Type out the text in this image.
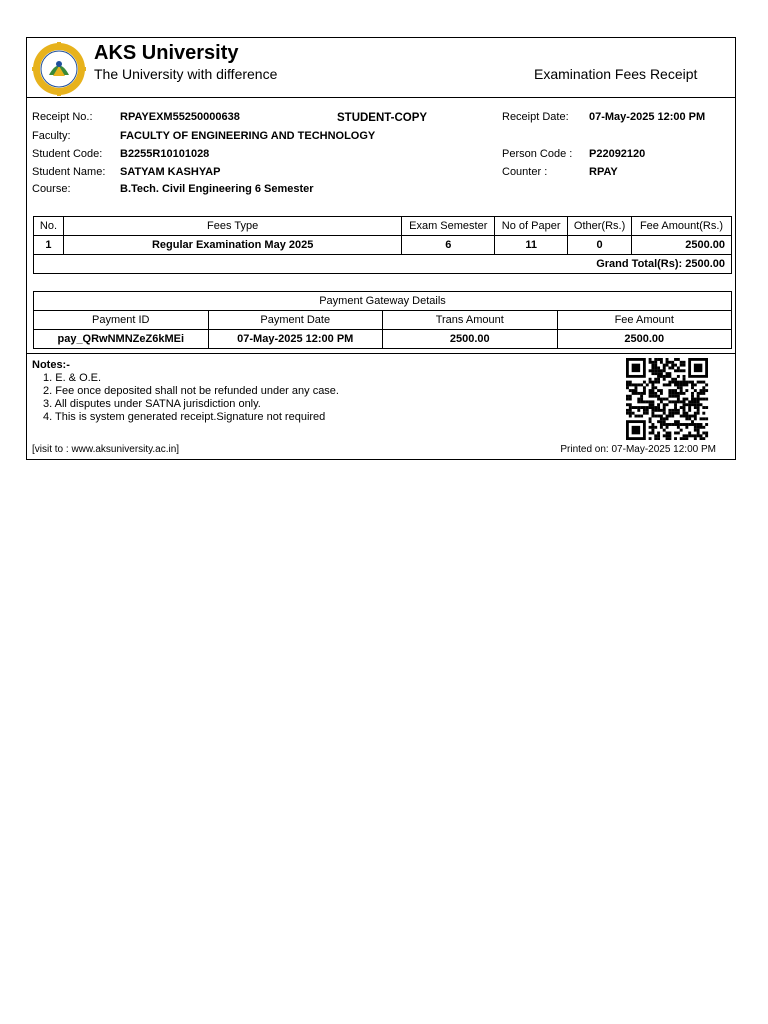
AKS University
The University with difference	Examination Fees Receipt
Receipt No.: RPAYEXM55250000638	STUDENT-COPY	Receipt Date: 07-May-2025 12:00 PM
Faculty:	FACULTY OF ENGINEERING AND TECHNOLOGY
Student Code: B2255R10101028	Person Code : P22092120
Student Name: SATYAM KASHYAP	Counter :	RPAY
Course:	B.Tech. Civil Engineering 6 Semester
No.	Fees Type	Exam Semester	No of Paper	Other(Rs.)	Fee Amount(Rs.)
1	Regular Examination May 2025	6	11	0	2500.00
Grand Total(Rs): 2500.00					
Payment Gateway Details			
Payment ID	Payment Date	Trans Amount	Fee Amount
pay_QRwNMNZeZ6kMEi	07-May-2025 12:00 PM	2500.00	2500.00
Notes:-
1. E. & O.E.
2. Fee once deposited shall not be refunded under any case.
3. All disputes under SATNA jurisdiction only.
4. This is system generated receipt.Signature not required
[visit to : www.aksuniversity.ac.in]	Printed on: 07-May-2025 12:00 PM
